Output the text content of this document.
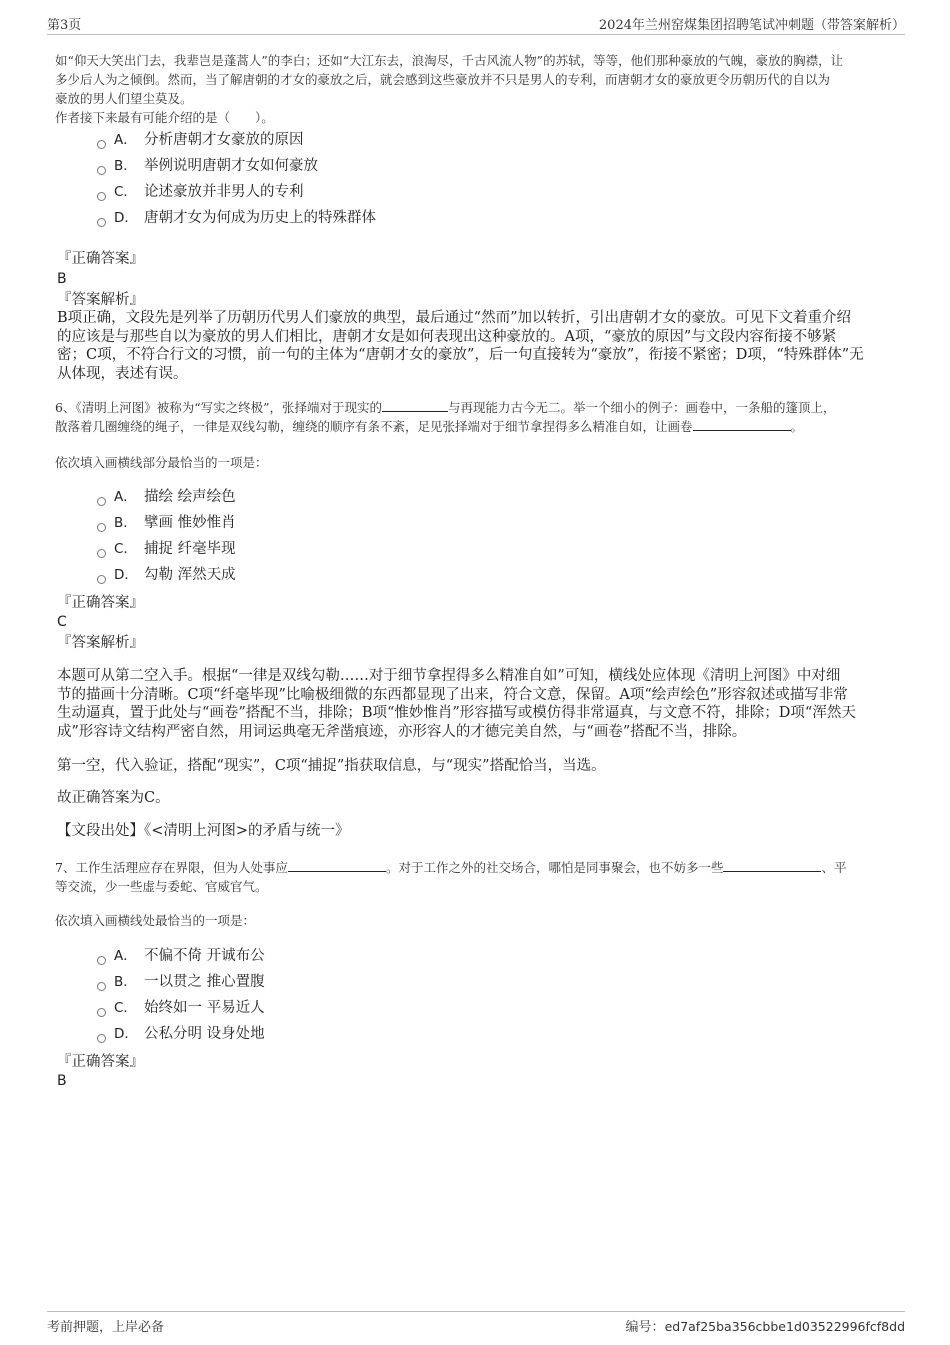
第3页	2024年兰州窑煤集团招聘笔试冲刺题（带答案解析）
如“仰天大笑出门去，我辈岂是蓬蒿人”的李白；还如“大江东去，浪淘尽，千古风流人物”的苏轼，等等，他们那种豪放的气魄，豪放的胸襟，让
多少后人为之倾倒。然而，当了解唐朝的才女的豪放之后，就会感到这些豪放并不只是男人的专利，而唐朝才女的豪放更令历朝历代的自以为
豪放的男人们望尘莫及。
作者接下来最有可能介绍的是（　　）。
A． 分析唐朝才女豪放的原因
B． 举例说明唐朝才女如何豪放
C． 论述豪放并非男人的专利
D． 唐朝才女为何成为历史上的特殊群体
『正确答案』
B
『答案解析』
B项正确，文段先是列举了历朝历代男人们豪放的典型，最后通过“然而”加以转折，引出唐朝才女的豪放。可见下文着重介绍
的应该是与那些自以为豪放的男人们相比，唐朝才女是如何表现出这种豪放的。A项，“豪放的原因”与文段内容衔接不够紧
密；C项，不符合行文的习惯，前一句的主体为“唐朝才女的豪放”，后一句直接转为“豪放”，衔接不紧密；D项，“特殊群体”无
从体现，表述有误。
6、《清明上河图》被称为“写实之终极”，张择端对于现实的	与再现能力古今无二。举一个细小的例子：画卷中，一条船的篷顶上，
散落着几圈缠绕的绳子，一律是双线勾勒，缠绕的顺序有条不紊，足见张择端对于细节拿捏得多么精准自如，让画卷	。
依次填入画横线部分最恰当的一项是：
A． 描绘 绘声绘色
B． 擘画 惟妙惟肖
C． 捕捉 纤毫毕现
D． 勾勒 浑然天成
『正确答案』
C
『答案解析』
本题可从第二空入手。根据“一律是双线勾勒……对于细节拿捏得多么精准自如”可知，横线处应体现《清明上河图》中对细
节的描画十分清晰。C项“纤毫毕现”比喻极细微的东西都显现了出来，符合文意，保留。A项“绘声绘色”形容叙述或描写非常
生动逼真，置于此处与“画卷”搭配不当，排除；B项“惟妙惟肖”形容描写或模仿得非常逼真，与文意不符，排除；D项“浑然天
成”形容诗文结构严密自然，用词运典毫无斧凿痕迹，亦形容人的才德完美自然，与“画卷”搭配不当，排除。
第一空，代入验证，搭配“现实”，C项“捕捉”指获取信息，与“现实”搭配恰当，当选。
故正确答案为C。
【文段出处】《<清明上河图>的矛盾与统一》
7、工作生活理应存在界限，但为人处事应	。对于工作之外的社交场合，哪怕是同事聚会，也不妨多一些	、平
等交流，少一些虚与委蛇、官威官气。
依次填入画横线处最恰当的一项是：
A． 不偏不倚 开诚布公
B． 一以贯之 推心置腹
C． 始终如一 平易近人
D． 公私分明 设身处地
『正确答案』
B
考前押题，上岸必备	编号：ed7af25ba356cbbe1d03522996fcf8dd
